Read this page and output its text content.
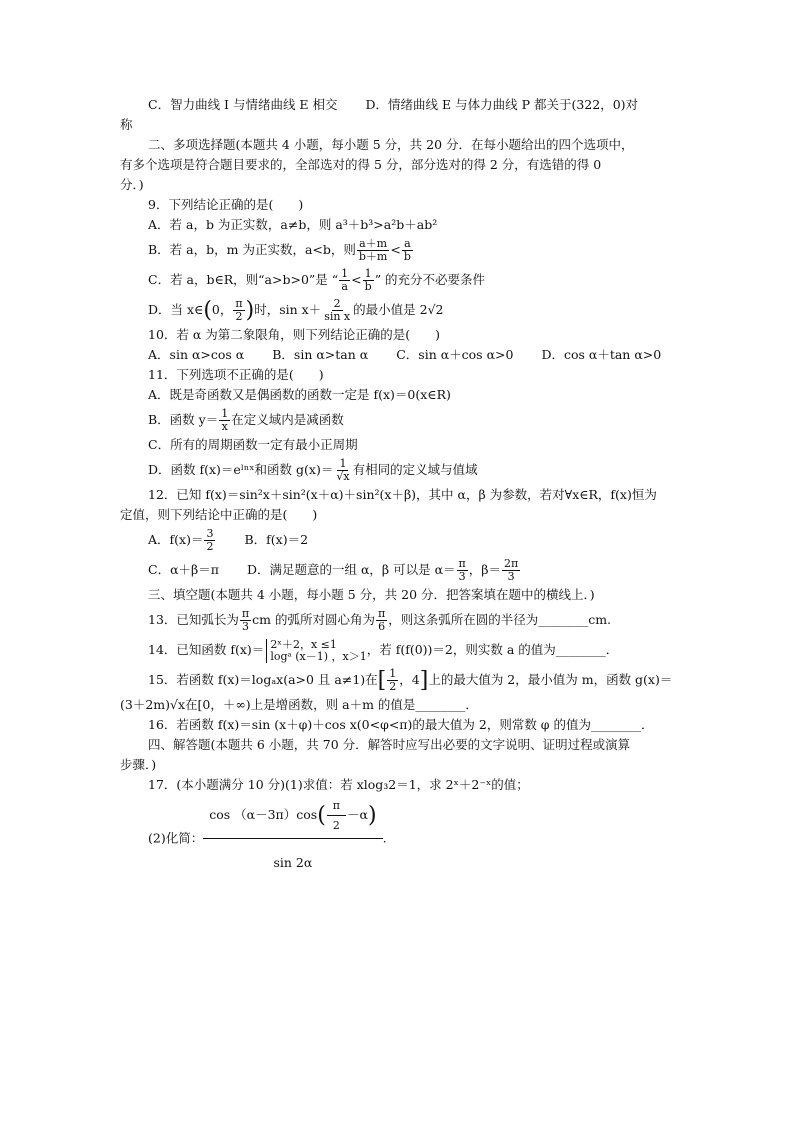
C．智力曲线 I 与情绪曲线 E 相交 D．情绪曲线 E 与体力曲线 P 都关于(322，0)对
称
二、多项选择题(本题共 4 小题，每小题 5 分，共 20 分．在每小题给出的四个选项中，
有多个选项是符合题目要求的，全部选对的得 5 分，部分选对的得 2 分，有选错的得 0
分．)
9．下列结论正确的是(　　)
A．若 a，b 为正实数，a≠b，则 a³＋b³>a²b＋ab²
B．若 a，b，m 为正实数，a<b，则 $\frac{a+m}{b+m} < \frac{a}{b}$
C．若 a，b∈R，则“a>b>0”是 “ $\frac{1}{a} < \frac{1}{b}$ ” 的充分不必要条件
D．当 x∈(0， $\frac{\pi}{2}$ )时，$\sin x+ \frac{2}{\text{sin x}}$ 的最小值是 2√2
10．若 α 为第二象限角，则下列结论正确的是(　　)
A．sin α>cos α B．sin α>tan α C．sin α＋cos α>0 D．cos α＋tan α>0
11．下列选项不正确的是(　　)
A．既是奇函数又是偶函数的函数一定是 f(x)＝0(x∈R)
B．函数 $y= \frac{1}{x}$ 在定义域内是减函数
C．所有的周期函数一定有最小正周期
D．函数 f(x)＝eˡⁿˣ和函数 $g(x)= \frac{1}{√x}$ 有相同的定义域与值域
12．已知 f(x)＝sin²x＋sin²(x＋α)＋sin²(x＋β)，其中 α，β 为参数，若对∀x∈R，f(x)恒为
定值，则下列结论中正确的是(　　)
A．$f(x)= \frac{3}{2}$ B．f(x)＝2
C．α＋β＝π D．满足题意的一组 α，β 可以是 $\alpha= \frac{\pi}{3}$ ，$\beta= \frac{2\pi}{3}$
三、填空题(本题共 4 小题，每小题 5 分，共 20 分．把答案填在题中的横线上．)
13．已知弧长为 $\frac{\pi}{3}$ cm 的弧所对圆心角为 $\frac{\pi}{6}$ ，则这条弧所在圆的半径为________cm.
14．已知函数 f(x)＝ 2ˣ＋2，x ≤1
logᵃ (x－1) ，x＞1 ，若 f(f(0))＝2，则实数 a 的值为________．
15．若函数 f(x)＝logₐx(a>0 且 a≠1)在[ $\frac{1}{2}$ ，4]上的最大值为 2，最小值为 m，函数 g(x)＝
(3＋2m)√x在[0，＋∞)上是增函数，则 a＋m 的值是________．
16．若函数 f(x)＝sin (x＋φ)＋cos x(0<φ<π)的最大值为 2，则常数 φ 的值为________．
四、解答题(本题共 6 小题，共 70 分．解答时应写出必要的文字说明、证明过程或演算
步骤．)
17．(本小题满分 10 分)(1)求值：若 xlog₃2＝1，求 2ˣ＋2⁻ˣ的值；
(2)化简： $\frac{\cos (\alpha-3\pi)\cos( \frac{\pi}{2} -\alpha)}{\sin 2\alpha}$ .
